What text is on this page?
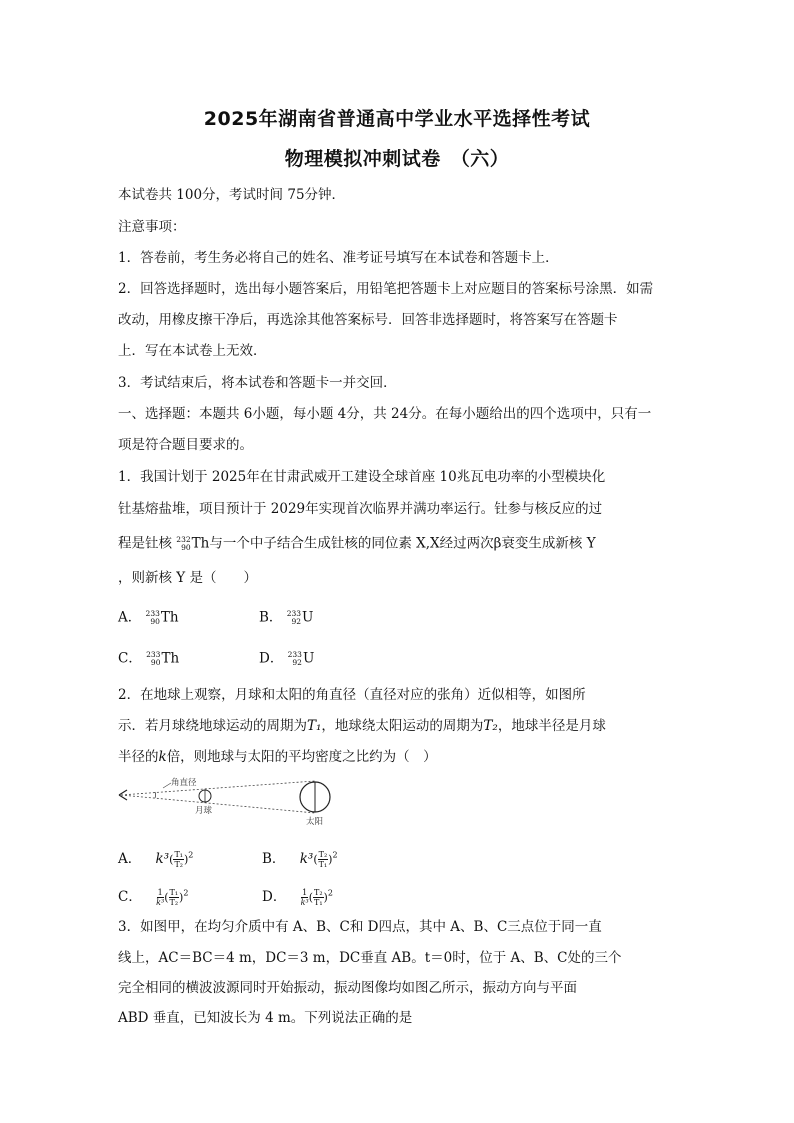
2025年湖南省普通高中学业水平选择性考试
物理模拟冲刺试卷　（六）
本试卷共 100分，考试时间 75分钟．
注意事项：
1．答卷前，考生务必将自己的姓名、准考证号填写在本试卷和答题卡上．
2．回答选择题时，选出每小题答案后，用铅笔把答题卡上对应题目的答案标号涂黑．如需
改动，用橡皮擦干净后，再选涂其他答案标号．回答非选择题时，将答案写在答题卡
上．写在本试卷上无效．
3．考试结束后，将本试卷和答题卡一并交回．
一、选择题：本题共 6小题，每小题 4分，共 24分。在每小题给出的四个选项中，只有一
项是符合题目要求的。
1．我国计划于 2025年在甘肃武威开工建设全球首座 10兆瓦电功率的小型模块化
钍基熔盐堆，项目预计于 2029年实现首次临界并满功率运行。钍参与核反应的过
程是钍核 232
90 Th与一个中子结合生成钍核的同位素 X,X经过两次β衰变生成新核 Y
，则新核 Y 是（　　）
A． 233
90 Th	B． 233
92 U
C． 233
90 Th	D． 233
92 U
2．在地球上观察，月球和太阳的角直径（直径对应的张角）近似相等，如图所
示．若月球绕地球运动的周期为T₁，地球绕太阳运动的周期为T₂，地球半径是月球
半径的k倍，则地球与太阳的平均密度之比约为（　）
角直径
月球
太阳
A． $k^3( \frac{\text{T₁}}{\text{T₂}} )^2$	B． $k^3( \frac{\text{T₂}}{\text{T₁}} )^2$
C． $\frac{1}{\text{k³}}$ ( $\frac{\text{T₁}}{\text{T₂}} )^2$	D． $\frac{1}{\text{k³}}$ ( $\frac{\text{T₂}}{\text{T₁}} )^2$
3．如图甲，在均匀介质中有 A、B、C和 D四点，其中 A、B、C三点位于同一直
线上，AC＝BC＝4 m，DC＝3 m，DC垂直 AB。t＝0时，位于 A、B、C处的三个
完全相同的横波波源同时开始振动，振动图像均如图乙所示，振动方向与平面
ABD 垂直，已知波长为 4 m。下列说法正确的是
